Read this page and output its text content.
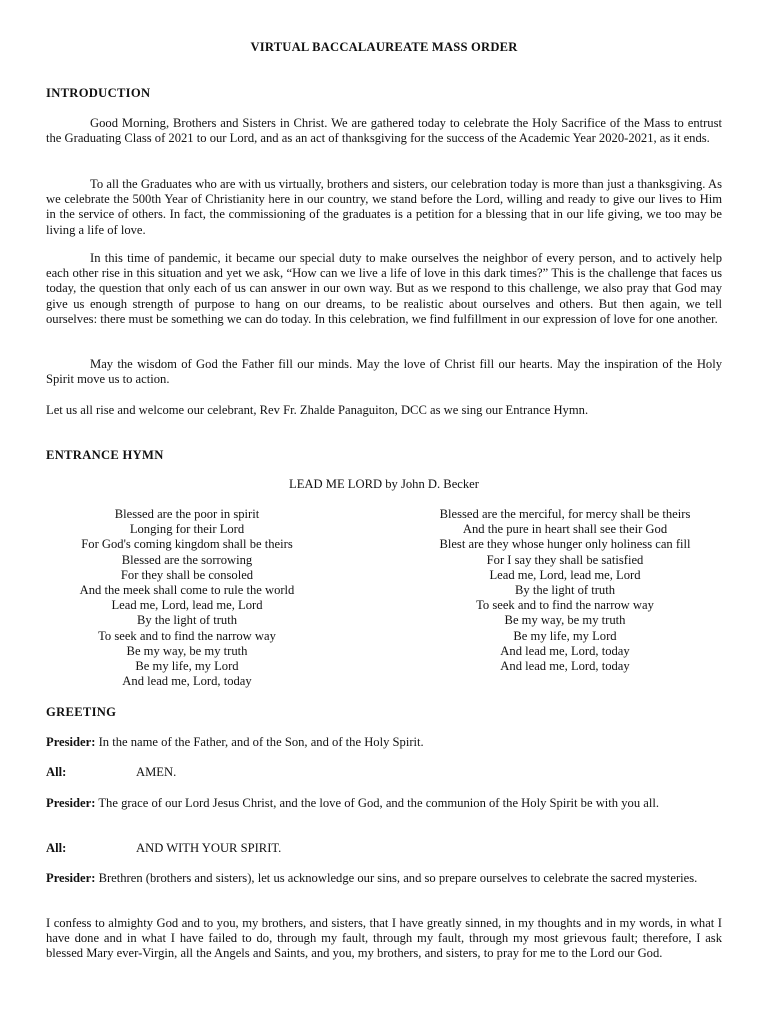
VIRTUAL BACCALAUREATE MASS ORDER
INTRODUCTION

Good Morning, Brothers and Sisters in Christ. We are gathered today to celebrate the Holy Sacrifice of the Mass to entrust the Graduating Class of 2021 to our Lord, and as an act of thanksgiving for the success of the Academic Year 2020-2021, as it ends.

To all the Graduates who are with us virtually, brothers and sisters, our celebration today is more than just a thanksgiving. As we celebrate the 500th Year of Christianity here in our country, we stand before the Lord, willing and ready to give our lives to Him in the service of others. In fact, the commissioning of the graduates is a petition for a blessing that in our life giving, we too may be living a life of love.

In this time of pandemic, it became our special duty to make ourselves the neighbor of every person, and to actively help each other rise in this situation and yet we ask, “How can we live a life of love in this dark times?” This is the challenge that faces us today, the question that only each of us can answer in our own way. But as we respond to this challenge, we also pray that God may give us enough strength of purpose to hang on our dreams, to be realistic about ourselves and others. But then again, we tell ourselves: there must be something we can do today. In this celebration, we find fulfillment in our expression of love for one another.

May the wisdom of God the Father fill our minds. May the love of Christ fill our hearts. May the inspiration of the Holy Spirit move us to action.

Let us all rise and welcome our celebrant, Rev Fr. Zhalde Panaguiton, DCC as we sing our Entrance Hymn.

ENTRANCE HYMN
LEAD ME LORD by John D. Becker
Blessed are the poor in spirit
Longing for their Lord
For God's coming kingdom shall be theirs
Blessed are the sorrowing
For they shall be consoled
And the meek shall come to rule the world
Lead me, Lord, lead me, Lord
By the light of truth
To seek and to find the narrow way
Be my way, be my truth
Be my life, my Lord
And lead me, Lord, today
Blessed are the merciful, for mercy shall be theirs
And the pure in heart shall see their God
Blest are they whose hunger only holiness can fill
For I say they shall be satisfied
Lead me, Lord, lead me, Lord
By the light of truth
To seek and to find the narrow way
Be my way, be my truth
Be my life, my Lord
And lead me, Lord, today
And lead me, Lord, today
GREETING

Presider: In the name of the Father, and of the Son, and of the Holy Spirit.

All:	AMEN.

Presider: The grace of our Lord Jesus Christ, and the love of God, and the communion of the Holy Spirit be with you all.

All:	AND WITH YOUR SPIRIT.

Presider: Brethren (brothers and sisters), let us acknowledge our sins, and so prepare ourselves to celebrate the sacred mysteries.

I confess to almighty God and to you, my brothers, and sisters, that I have greatly sinned, in my thoughts and in my words, in what I have done and in what I have failed to do, through my fault, through my fault, through my most grievous fault; therefore, I ask blessed Mary ever-Virgin, all the Angels and Saints, and you, my brothers, and sisters, to pray for me to the Lord our God.
